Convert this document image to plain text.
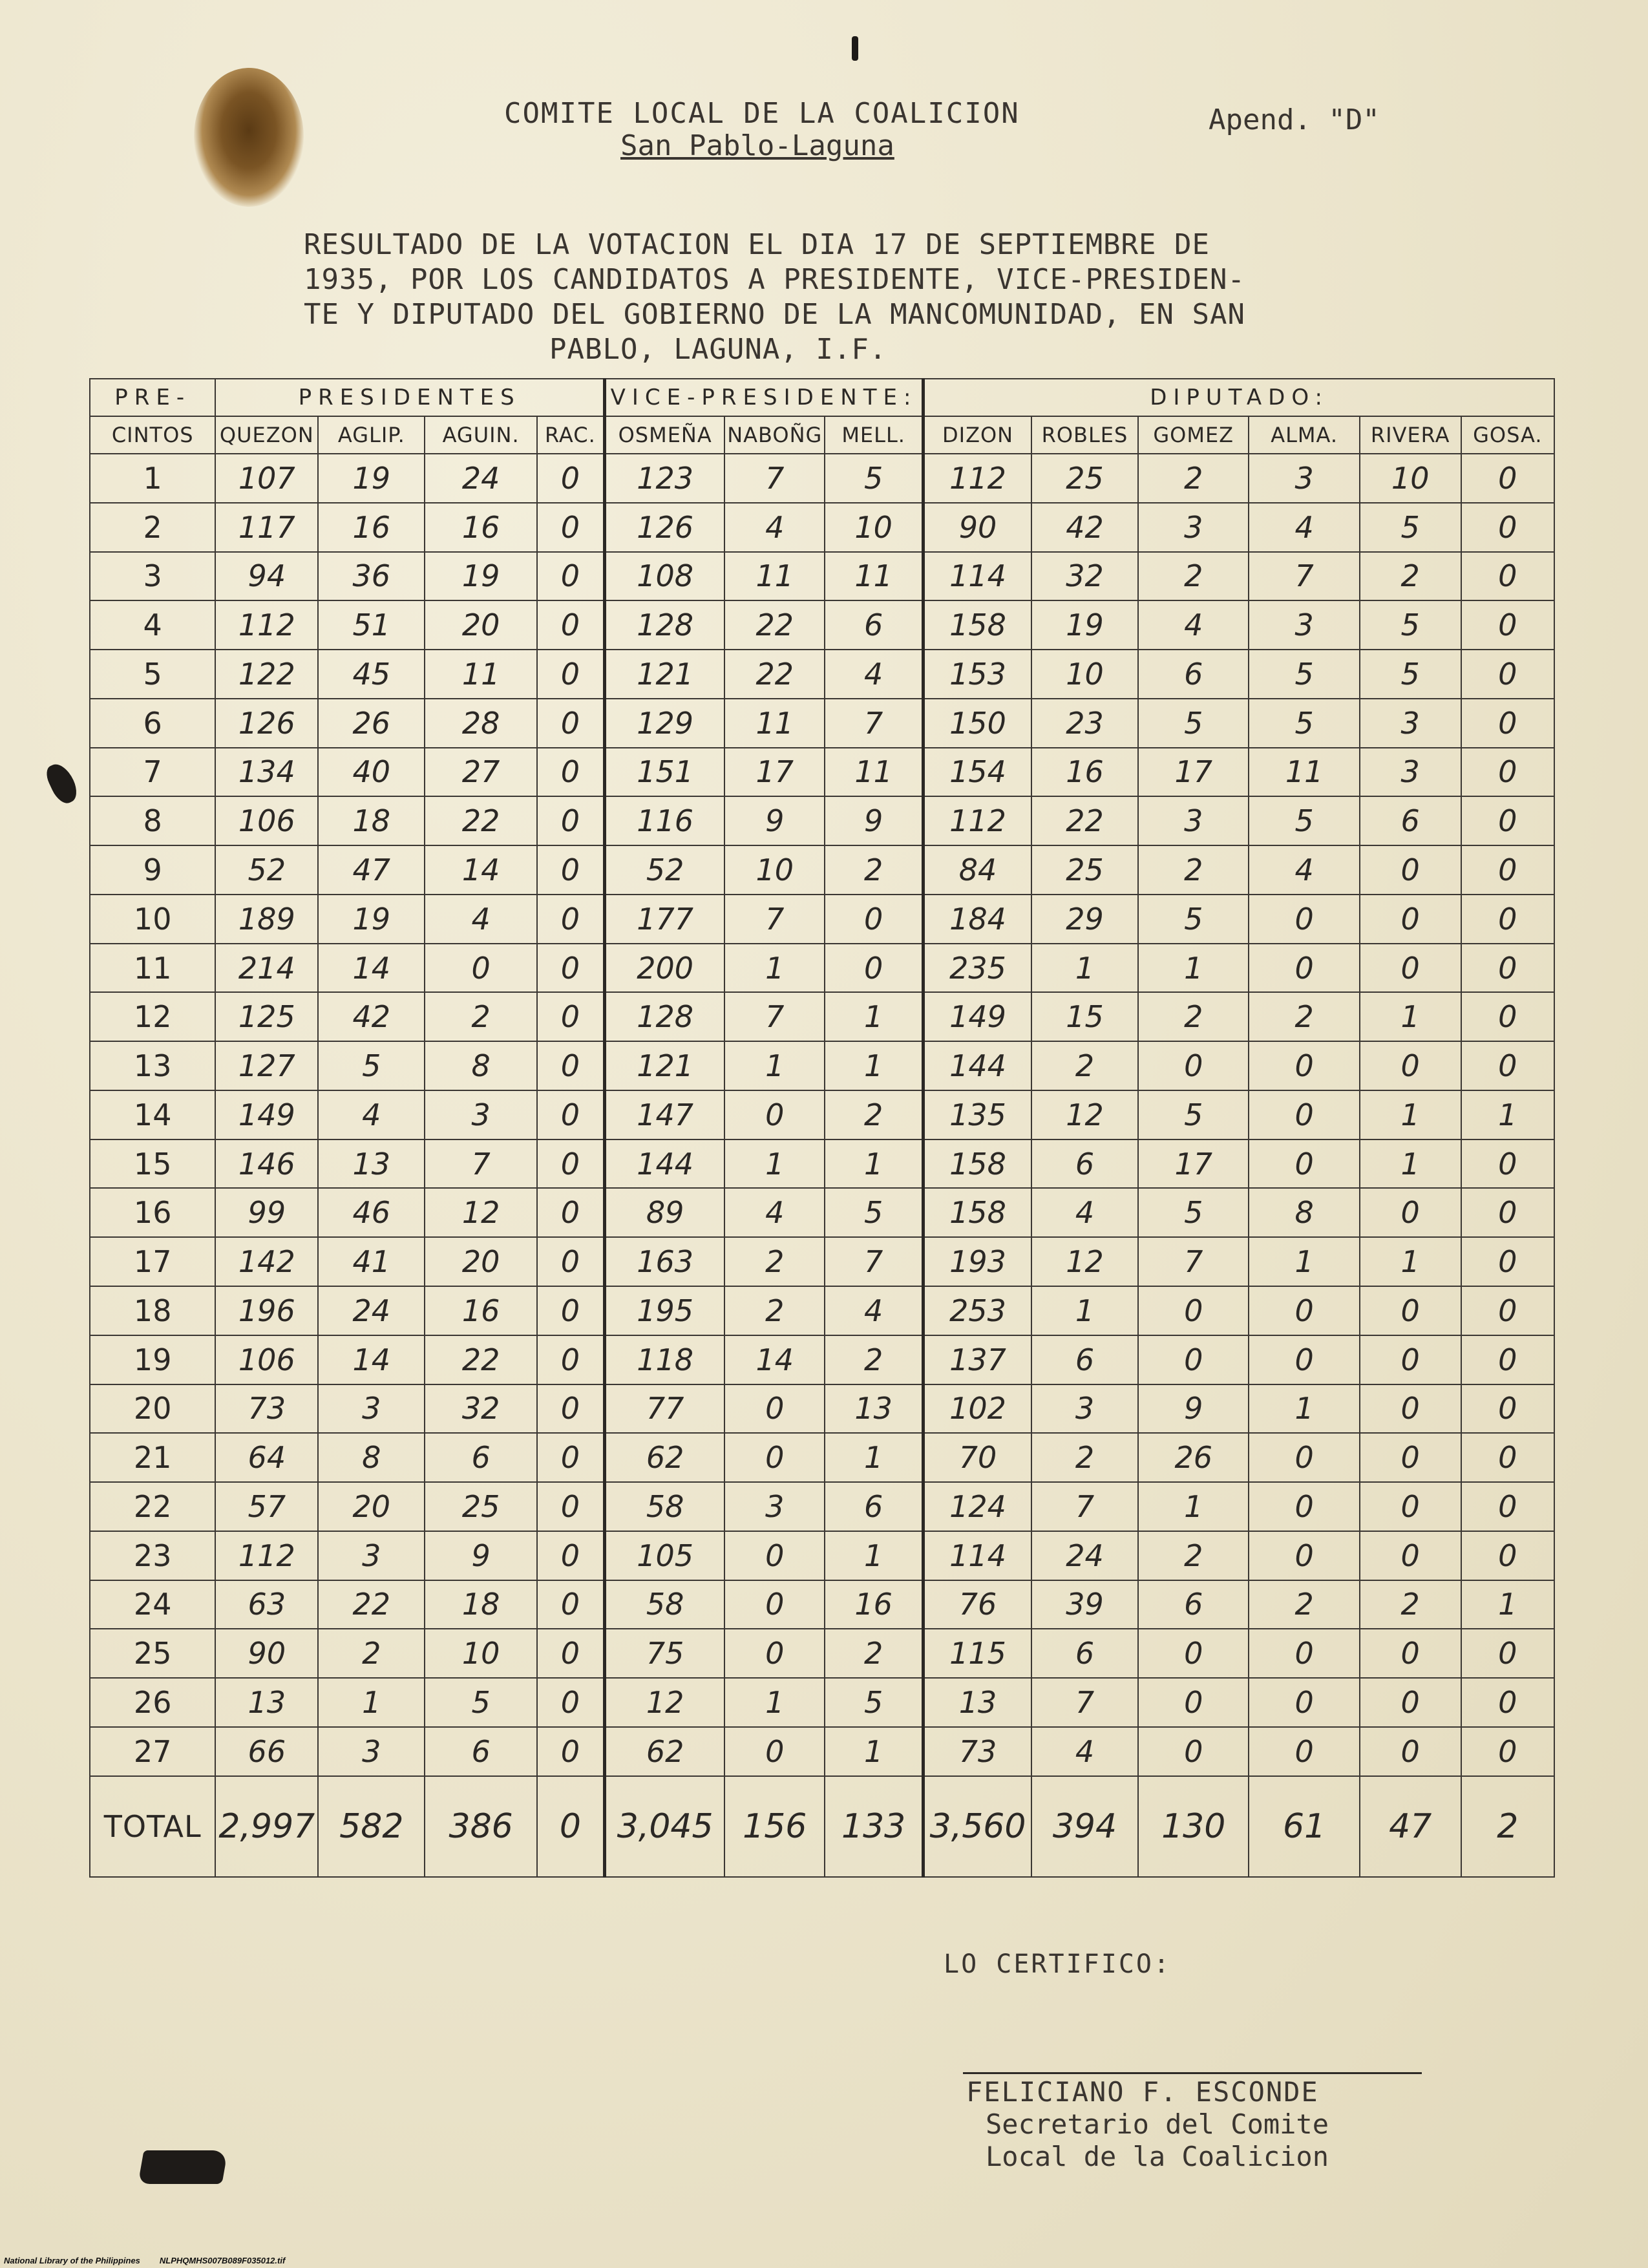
COMITE LOCAL DE LA COALICION
San Pablo-Laguna
Apend. "D"
RESULTADO DE LA VOTACION EL DIA 17 DE SEPTIEMBRE DE
1935, POR LOS CANDIDATOS A PRESIDENTE, VICE-PRESIDEN-
TE Y DIPUTADO DEL GOBIERNO DE LA MANCOMUNIDAD, EN SAN

PABLO, LAGUNA, I.F.
PRE-	PRESIDENTES				VICE-PRESIDENTE:			DIPUTADO:					
CINTOS	QUEZON	AGLIP.	AGUIN.	RAC.	OSMEÑA	NABOÑG	MELL.	DIZON	ROBLES	GOMEZ	ALMA.	RIVERA	GOSA.
1	107	19	24	0	123	7	5	112	25	2	3	10	0
2	117	16	16	0	126	4	10	90	42	3	4	5	0
3	94	36	19	0	108	11	11	114	32	2	7	2	0
4	112	51	20	0	128	22	6	158	19	4	3	5	0
5	122	45	11	0	121	22	4	153	10	6	5	5	0
6	126	26	28	0	129	11	7	150	23	5	5	3	0
7	134	40	27	0	151	17	11	154	16	17	11	3	0
8	106	18	22	0	116	9	9	112	22	3	5	6	0
9	52	47	14	0	52	10	2	84	25	2	4	0	0
10	189	19	4	0	177	7	0	184	29	5	0	0	0
11	214	14	0	0	200	1	0	235	1	1	0	0	0
12	125	42	2	0	128	7	1	149	15	2	2	1	0
13	127	5	8	0	121	1	1	144	2	0	0	0	0
14	149	4	3	0	147	0	2	135	12	5	0	1	1
15	146	13	7	0	144	1	1	158	6	17	0	1	0
16	99	46	12	0	89	4	5	158	4	5	8	0	0
17	142	41	20	0	163	2	7	193	12	7	1	1	0
18	196	24	16	0	195	2	4	253	1	0	0	0	0
19	106	14	22	0	118	14	2	137	6	0	0	0	0
20	73	3	32	0	77	0	13	102	3	9	1	0	0
21	64	8	6	0	62	0	1	70	2	26	0	0	0
22	57	20	25	0	58	3	6	124	7	1	0	0	0
23	112	3	9	0	105	0	1	114	24	2	0	0	0
24	63	22	18	0	58	0	16	76	39	6	2	2	1
25	90	2	10	0	75	0	2	115	6	0	0	0	0
26	13	1	5	0	12	1	5	13	7	0	0	0	0
27	66	3	6	0	62	0	1	73	4	0	0	0	0
TOTAL	2,997	582	386	0	3,045	156	133	3,560	394	130	61	47	2
LO CERTIFICO:
FELICIANO F. ESCONDE
Secretario del Comite
Local de la Coalicion
National Library of the Philippines NLPHQMHS007B089F035012.tif
